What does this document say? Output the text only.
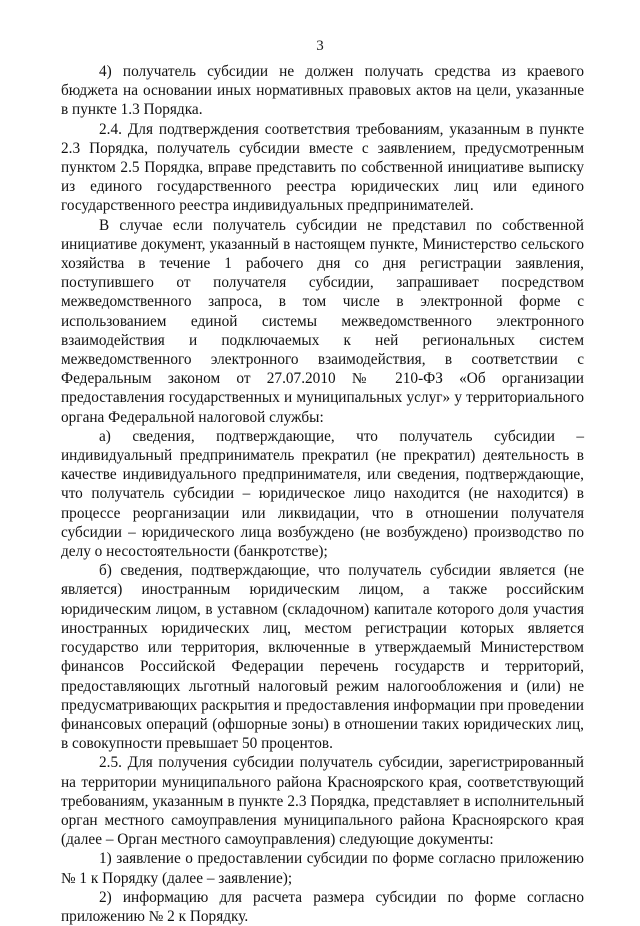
3

4) получатель субсидии не должен получать средства из краевого бюджета на основании иных нормативных правовых актов на цели, указанные в пункте 1.3 Порядка.

2.4. Для подтверждения соответствия требованиям, указанным в пункте 2.3 Порядка, получатель субсидии вместе с заявлением, предусмотренным пунктом 2.5 Порядка, вправе представить по собственной инициативе выписку из единого государственного реестра юридических лиц или единого государственного реестра индивидуальных предпринимателей.

В случае если получатель субсидии не представил по собственной инициативе документ, указанный в настоящем пункте, Министерство сельского хозяйства в течение 1 рабочего дня со дня регистрации заявления, поступившего от получателя субсидии, запрашивает посредством межведомственного запроса, в том числе в электронной форме с использованием единой системы межведомственного электронного взаимодействия и подключаемых к ней региональных систем межведомственного электронного взаимодействия, в соответствии с Федеральным законом от 27.07.2010 № 210-ФЗ «Об организации предоставления государственных и муниципальных услуг» у территориального органа Федеральной налоговой службы:

а) сведения, подтверждающие, что получатель субсидии – индивидуальный предприниматель прекратил (не прекратил) деятельность в качестве индивидуального предпринимателя, или сведения, подтверждающие, что получатель субсидии – юридическое лицо находится (не находится) в процессе реорганизации или ликвидации, что в отношении получателя субсидии – юридического лица возбуждено (не возбуждено) производство по делу о несостоятельности (банкротстве);

б) сведения, подтверждающие, что получатель субсидии является (не является) иностранным юридическим лицом, а также российским юридическим лицом, в уставном (складочном) капитале которого доля участия иностранных юридических лиц, местом регистрации которых является государство или территория, включенные в утверждаемый Министерством финансов Российской Федерации перечень государств и территорий, предоставляющих льготный налоговый режим налогообложения и (или) не предусматривающих раскрытия и предоставления информации при проведении финансовых операций (офшорные зоны) в отношении таких юридических лиц, в совокупности превышает 50 процентов.

2.5. Для получения субсидии получатель субсидии, зарегистрированный на территории муниципального района Красноярского края, соответствующий требованиям, указанным в пункте 2.3 Порядка, представляет в исполнительный орган местного самоуправления муниципального района Красноярского края (далее – Орган местного самоуправления) следующие документы:

1) заявление о предоставлении субсидии по форме согласно приложению № 1 к Порядку (далее – заявление);

2) информацию для расчета размера субсидии по форме согласно приложению № 2 к Порядку.
